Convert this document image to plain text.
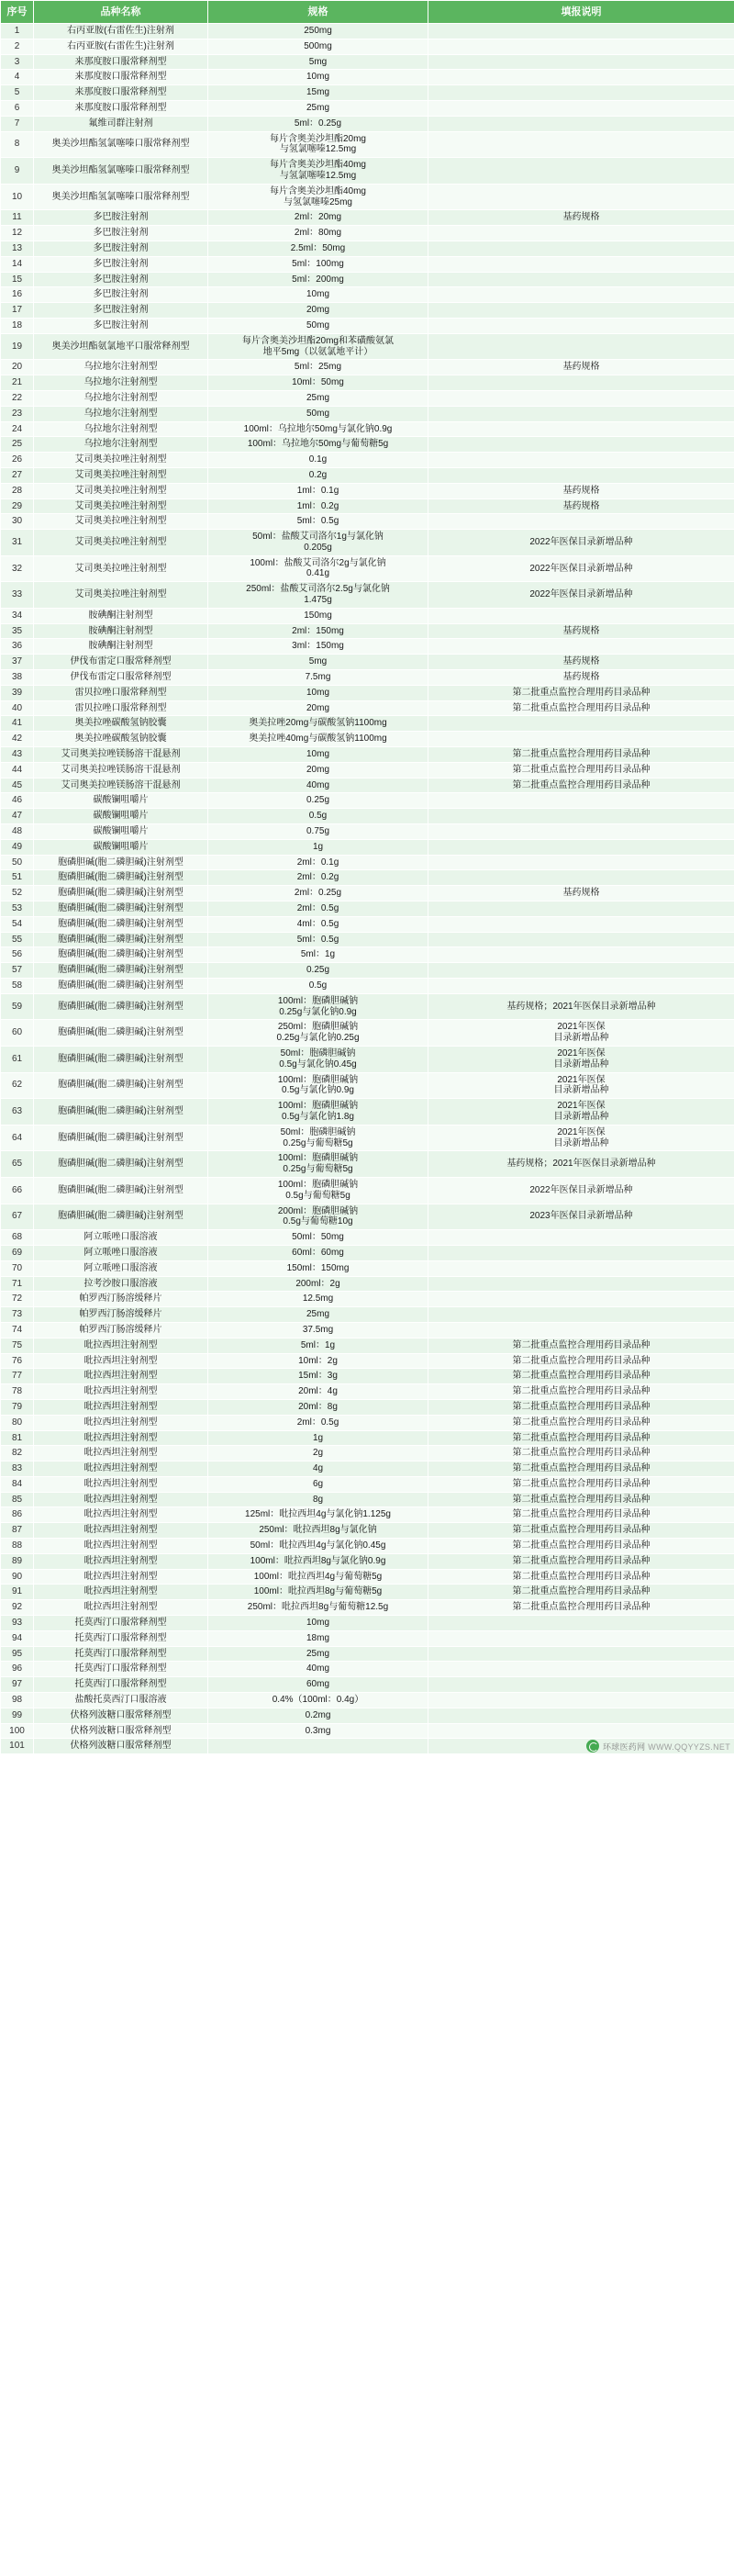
序号	品种名称	规格	填报说明
1	右丙亚胺(右雷佐生)注射剂	250mg	
2	右丙亚胺(右雷佐生)注射剂	500mg	
3	来那度胺口服常释剂型	5mg	
4	来那度胺口服常释剂型	10mg	
5	来那度胺口服常释剂型	15mg	
6	来那度胺口服常释剂型	25mg	
7	氟维司群注射剂	5ml：0.25g	
8	奥美沙坦酯氢氯噻嗪口服常释剂型	每片含奥美沙坦酯20mg
与氢氯噻嗪12.5mg	
9	奥美沙坦酯氢氯噻嗪口服常释剂型	每片含奥美沙坦酯40mg
与氢氯噻嗪12.5mg	
10	奥美沙坦酯氢氯噻嗪口服常释剂型	每片含奥美沙坦酯40mg
与氢氯噻嗪25mg	
11	多巴胺注射剂	2ml：20mg	基药规格
12	多巴胺注射剂	2ml：80mg	
13	多巴胺注射剂	2.5ml：50mg	
14	多巴胺注射剂	5ml：100mg	
15	多巴胺注射剂	5ml：200mg	
16	多巴胺注射剂	10mg	
17	多巴胺注射剂	20mg	
18	多巴胺注射剂	50mg	
19	奥美沙坦酯氨氯地平口服常释剂型	每片含奥美沙坦酯20mg和苯磺酸氨氯
地平5mg（以氨氯地平计）	
20	乌拉地尔注射剂型	5ml：25mg	基药规格
21	乌拉地尔注射剂型	10ml：50mg	
22	乌拉地尔注射剂型	25mg	
23	乌拉地尔注射剂型	50mg	
24	乌拉地尔注射剂型	100ml：乌拉地尔50mg与氯化钠0.9g	
25	乌拉地尔注射剂型	100ml：乌拉地尔50mg与葡萄糖5g	
26	艾司奥美拉唑注射剂型	0.1g	
27	艾司奥美拉唑注射剂型	0.2g	
28	艾司奥美拉唑注射剂型	1ml：0.1g	基药规格
29	艾司奥美拉唑注射剂型	1ml：0.2g	基药规格
30	艾司奥美拉唑注射剂型	5ml：0.5g	
31	艾司奥美拉唑注射剂型	50ml：盐酸艾司洛尔1g与氯化钠
0.205g	2022年医保目录新增品种
32	艾司奥美拉唑注射剂型	100ml：盐酸艾司洛尔2g与氯化钠
0.41g	2022年医保目录新增品种
33	艾司奥美拉唑注射剂型	250ml：盐酸艾司洛尔2.5g与氯化钠
1.475g	2022年医保目录新增品种
34	胺碘酮注射剂型	150mg	
35	胺碘酮注射剂型	2ml：150mg	基药规格
36	胺碘酮注射剂型	3ml：150mg	
37	伊伐布雷定口服常释剂型	5mg	基药规格
38	伊伐布雷定口服常释剂型	7.5mg	基药规格
39	雷贝拉唑口服常释剂型	10mg	第二批重点监控合理用药目录品种
40	雷贝拉唑口服常释剂型	20mg	第二批重点监控合理用药目录品种
41	奥美拉唑碳酸氢钠胶囊	奥美拉唑20mg与碳酸氢钠1100mg	
42	奥美拉唑碳酸氢钠胶囊	奥美拉唑40mg与碳酸氢钠1100mg	
43	艾司奥美拉唑镁肠溶干混悬剂	10mg	第二批重点监控合理用药目录品种
44	艾司奥美拉唑镁肠溶干混悬剂	20mg	第二批重点监控合理用药目录品种
45	艾司奥美拉唑镁肠溶干混悬剂	40mg	第二批重点监控合理用药目录品种
46	碳酸镧咀嚼片	0.25g	
47	碳酸镧咀嚼片	0.5g	
48	碳酸镧咀嚼片	0.75g	
49	碳酸镧咀嚼片	1g	
50	胞磷胆碱(胞二磷胆碱)注射剂型	2ml：0.1g	
51	胞磷胆碱(胞二磷胆碱)注射剂型	2ml：0.2g	
52	胞磷胆碱(胞二磷胆碱)注射剂型	2ml：0.25g	基药规格
53	胞磷胆碱(胞二磷胆碱)注射剂型	2ml：0.5g	
54	胞磷胆碱(胞二磷胆碱)注射剂型	4ml：0.5g	
55	胞磷胆碱(胞二磷胆碱)注射剂型	5ml：0.5g	
56	胞磷胆碱(胞二磷胆碱)注射剂型	5ml：1g	
57	胞磷胆碱(胞二磷胆碱)注射剂型	0.25g	
58	胞磷胆碱(胞二磷胆碱)注射剂型	0.5g	
59	胞磷胆碱(胞二磷胆碱)注射剂型	100ml：胞磷胆碱钠
0.25g与氯化钠0.9g	基药规格；2021年医保目录新增品种
60	胞磷胆碱(胞二磷胆碱)注射剂型	250ml：胞磷胆碱钠
0.25g与氯化钠0.25g	2021年医保
目录新增品种
61	胞磷胆碱(胞二磷胆碱)注射剂型	50ml：胞磷胆碱钠
0.5g与氯化钠0.45g	2021年医保
目录新增品种
62	胞磷胆碱(胞二磷胆碱)注射剂型	100ml：胞磷胆碱钠
0.5g与氯化钠0.9g	2021年医保
目录新增品种
63	胞磷胆碱(胞二磷胆碱)注射剂型	100ml：胞磷胆碱钠
0.5g与氯化钠1.8g	2021年医保
目录新增品种
64	胞磷胆碱(胞二磷胆碱)注射剂型	50ml：胞磷胆碱钠
0.25g与葡萄糖5g	2021年医保
目录新增品种
65	胞磷胆碱(胞二磷胆碱)注射剂型	100ml：胞磷胆碱钠
0.25g与葡萄糖5g	基药规格；2021年医保目录新增品种
66	胞磷胆碱(胞二磷胆碱)注射剂型	100ml：胞磷胆碱钠
0.5g与葡萄糖5g	2022年医保目录新增品种
67	胞磷胆碱(胞二磷胆碱)注射剂型	200ml：胞磷胆碱钠
0.5g与葡萄糖10g	2023年医保目录新增品种
68	阿立哌唑口服溶液	50ml：50mg	
69	阿立哌唑口服溶液	60ml：60mg	
70	阿立哌唑口服溶液	150ml：150mg	
71	拉考沙胺口服溶液	200ml：2g	
72	帕罗西汀肠溶缓释片	12.5mg	
73	帕罗西汀肠溶缓释片	25mg	
74	帕罗西汀肠溶缓释片	37.5mg	
75	吡拉西坦注射剂型	5ml：1g	第二批重点监控合理用药目录品种
76	吡拉西坦注射剂型	10ml：2g	第二批重点监控合理用药目录品种
77	吡拉西坦注射剂型	15ml：3g	第二批重点监控合理用药目录品种
78	吡拉西坦注射剂型	20ml：4g	第二批重点监控合理用药目录品种
79	吡拉西坦注射剂型	20ml：8g	第二批重点监控合理用药目录品种
80	吡拉西坦注射剂型	2ml：0.5g	第二批重点监控合理用药目录品种
81	吡拉西坦注射剂型	1g	第二批重点监控合理用药目录品种
82	吡拉西坦注射剂型	2g	第二批重点监控合理用药目录品种
83	吡拉西坦注射剂型	4g	第二批重点监控合理用药目录品种
84	吡拉西坦注射剂型	6g	第二批重点监控合理用药目录品种
85	吡拉西坦注射剂型	8g	第二批重点监控合理用药目录品种
86	吡拉西坦注射剂型	125ml：吡拉西坦4g与氯化钠1.125g	第二批重点监控合理用药目录品种
87	吡拉西坦注射剂型	250ml：吡拉西坦8g与氯化钠	第二批重点监控合理用药目录品种
88	吡拉西坦注射剂型	50ml：吡拉西坦4g与氯化钠0.45g	第二批重点监控合理用药目录品种
89	吡拉西坦注射剂型	100ml：吡拉西坦8g与氯化钠0.9g	第二批重点监控合理用药目录品种
90	吡拉西坦注射剂型	100ml：吡拉西坦4g与葡萄糖5g	第二批重点监控合理用药目录品种
91	吡拉西坦注射剂型	100ml：吡拉西坦8g与葡萄糖5g	第二批重点监控合理用药目录品种
92	吡拉西坦注射剂型	250ml：吡拉西坦8g与葡萄糖12.5g	第二批重点监控合理用药目录品种
93	托莫西汀口服常释剂型	10mg	
94	托莫西汀口服常释剂型	18mg	
95	托莫西汀口服常释剂型	25mg	
96	托莫西汀口服常释剂型	40mg	
97	托莫西汀口服常释剂型	60mg	
98	盐酸托莫西汀口服溶液	0.4%（100ml：0.4g）	
99	伏格列波糖口服常释剂型	0.2mg	
100	伏格列波糖口服常释剂型	0.3mg	
101	伏格列波糖口服常释剂型			环球医药网 WWW.QQYYZS.NET
